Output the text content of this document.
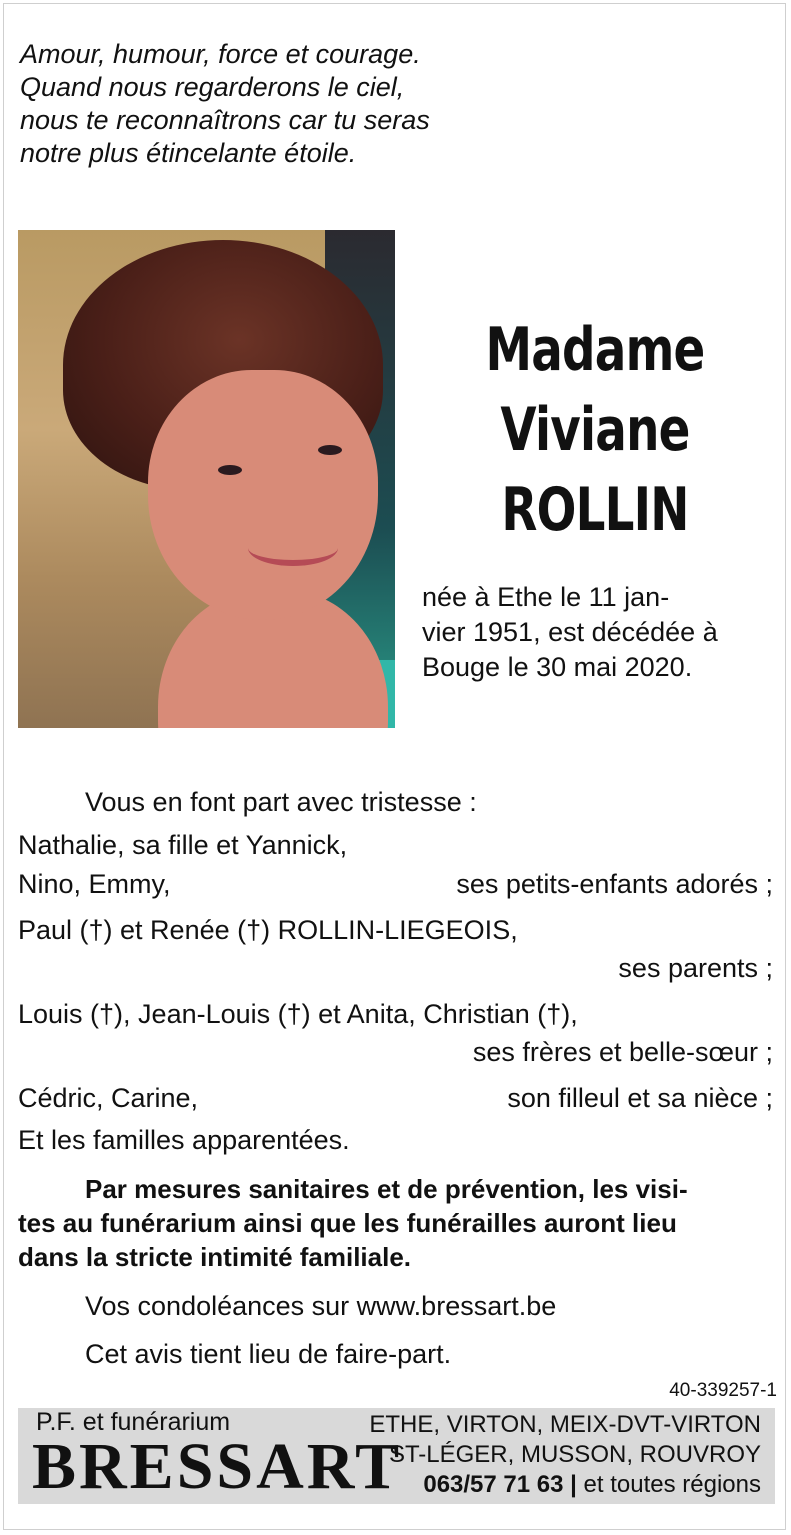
Amour, humour, force et courage.
Quand nous regarderons le ciel,
nous te reconnaîtrons car tu seras
notre plus étincelante étoile.
Madame
Viviane
ROLLIN
née à Ethe le 11 jan-
vier 1951, est décédée à
Bouge le 30 mai 2020.
Vous en font part avec tristesse :
Nathalie, sa fille et Yannick,
Nino, Emmy,	ses petits-enfants adorés ;
Paul (†) et Renée (†) ROLLIN-LIEGEOIS,
ses parents ;
Louis (†), Jean-Louis (†) et Anita, Christian (†),
ses frères et belle-sœur ;
Cédric, Carine,	son filleul et sa nièce ;
Et les familles apparentées.
Par mesures sanitaires et de prévention, les visi-
tes au funérarium ainsi que les funérailles auront lieu
dans la stricte intimité familiale.
Vos condoléances sur www.bressart.be
Cet avis tient lieu de faire-part.
40-339257-1
P.F. et funérarium
BRESSART
ETHE, VIRTON, MEIX-DVT-VIRTON
ST-LÉGER, MUSSON, ROUVROY
063/57 71 63 | et toutes régions
